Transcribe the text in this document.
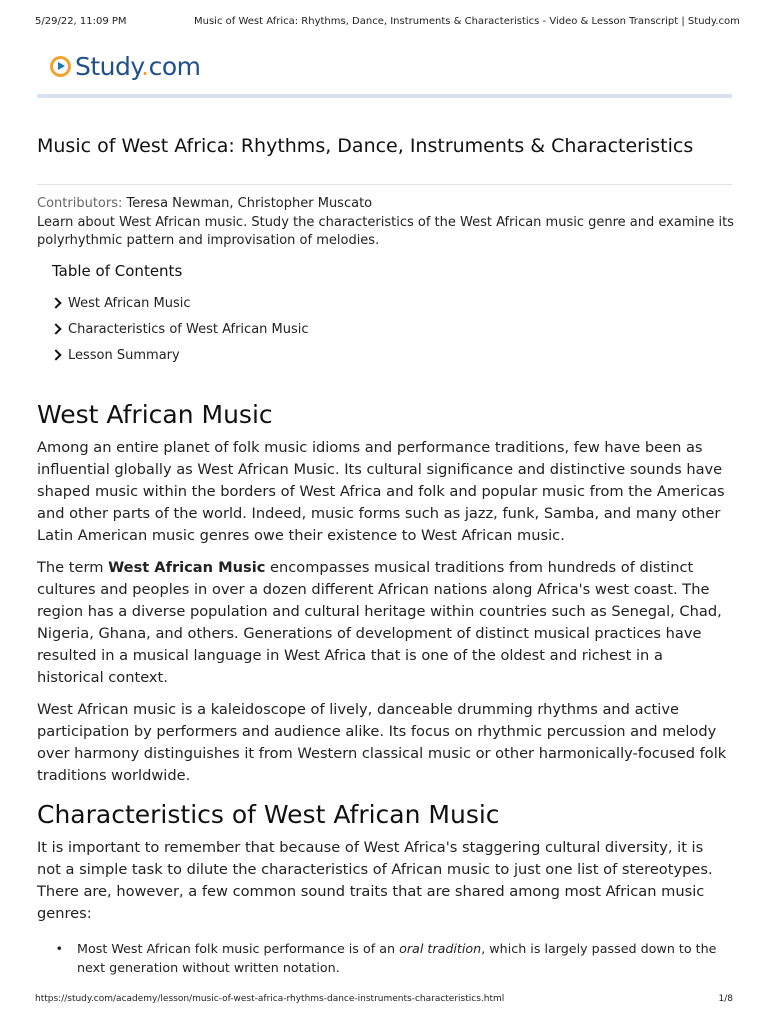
5/29/22, 11:09 PM	Music of West Africa: Rhythms, Dance, Instruments & Characteristics - Video & Lesson Transcript | Study.com
Study.com
Music of West Africa: Rhythms, Dance, Instruments & Characteristics
Contributors: Teresa Newman, Christopher Muscato

Learn about West African music. Study the characteristics of the West African music genre and examine its polyrhythmic pattern and improvisation of melodies.

Table of Contents
West African Music
Characteristics of West African Music
Lesson Summary
West African Music

Among an entire planet of folk music idioms and performance traditions, few have been as influential globally as West African Music. Its cultural significance and distinctive sounds have shaped music within the borders of West Africa and folk and popular music from the Americas and other parts of the world. Indeed, music forms such as jazz, funk, Samba, and many other Latin American music genres owe their existence to West African music.

The term West African Music encompasses musical traditions from hundreds of distinct cultures and peoples in over a dozen different African nations along Africa's west coast. The region has a diverse population and cultural heritage within countries such as Senegal, Chad, Nigeria, Ghana, and others. Generations of development of distinct musical practices have resulted in a musical language in West Africa that is one of the oldest and richest in a historical context.

West African music is a kaleidoscope of lively, danceable drumming rhythms and active participation by performers and audience alike. Its focus on rhythmic percussion and melody over harmony distinguishes it from Western classical music or other harmonically-focused folk traditions worldwide.

Characteristics of West African Music

It is important to remember that because of West Africa's staggering cultural diversity, it is not a simple task to dilute the characteristics of African music to just one list of stereotypes. There are, however, a few common sound traits that are shared among most African music genres:

• Most West African folk music performance is of an oral tradition, which is largely passed down to the next generation without written notation.
https://study.com/academy/lesson/music-of-west-africa-rhythms-dance-instruments-characteristics.html	1/8
